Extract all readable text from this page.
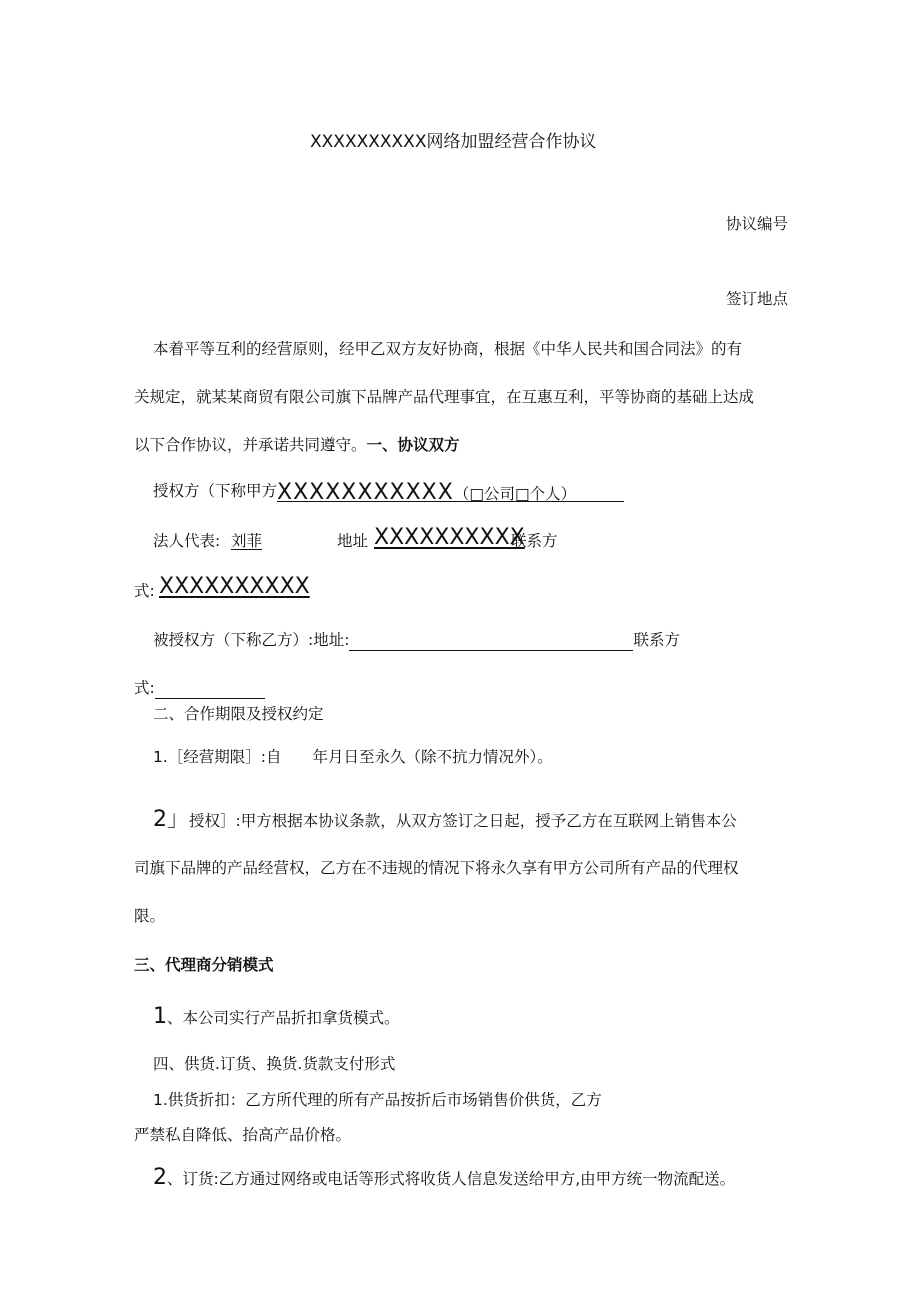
XXXXXXXXXX网络加盟经营合作协议
协议编号
签订地点
本着平等互利的经营原则，经甲乙双方友好协商，根据《中华人民共和国合同法》的有
关规定，就某某商贸有限公司旗下品牌产品代理事宜，在互惠互利，平等协商的基础上达成
以下合作协议，并承诺共同遵守。一、协议双方
授权方（下称甲方XXXXXXXXXXX（□公司□个人）
法人代表: 刘菲	地址 XXXXXXXXXX
联系方
式: XXXXXXXXXX
被授权方（下称乙方）:地址:	联系方
式:
二、合作期限及授权约定
1.［经营期限］:自　　年月日至永久（除不抗力情况外）。
2」授权］:甲方根据本协议条款，从双方签订之日起，授予乙方在互联网上销售本公
司旗下品牌的产品经营权，乙方在不违规的情况下将永久享有甲方公司所有产品的代理权
限。
三、代理商分销模式
1、本公司实行产品折扣拿货模式。
四、供货.订货、换货.货款支付形式
1.供货折扣：乙方所代理的所有产品按折后市场销售价供货，乙方
严禁私自降低、抬高产品价格。
2、订货:乙方通过网络或电话等形式将收货人信息发送给甲方,由甲方统一物流配送。
